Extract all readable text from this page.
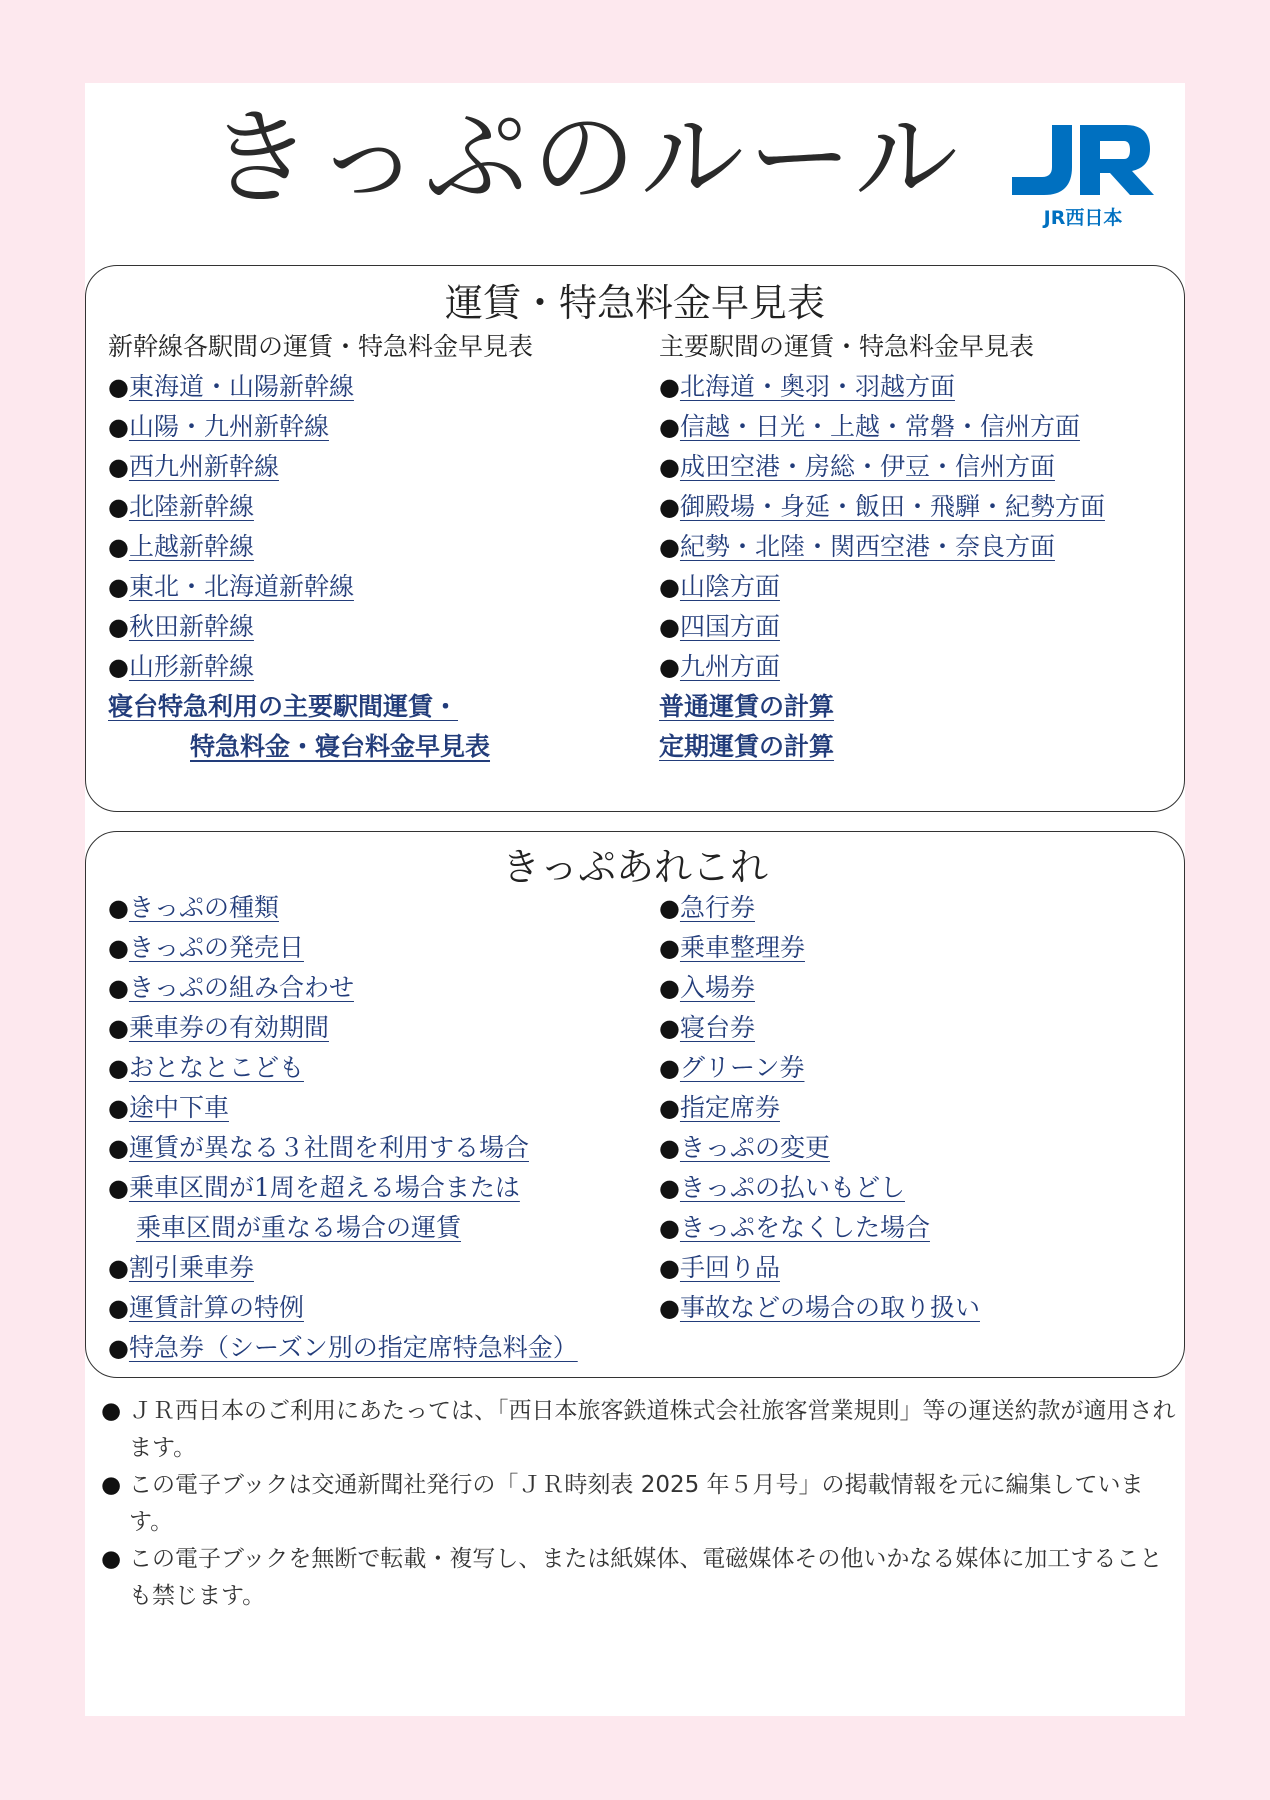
きっぷのルール	JR西日本
運賃・特急料金早見表
新幹線各駅間の運賃・特急料金早見表
●東海道・山陽新幹線
●山陽・九州新幹線
●西九州新幹線
●北陸新幹線
●上越新幹線
●東北・北海道新幹線
●秋田新幹線
●山形新幹線
寝台特急利用の主要駅間運賃・
特急料金・寝台料金早見表
主要駅間の運賃・特急料金早見表
●北海道・奥羽・羽越方面
●信越・日光・上越・常磐・信州方面
●成田空港・房総・伊豆・信州方面
●御殿場・身延・飯田・飛騨・紀勢方面
●紀勢・北陸・関西空港・奈良方面
●山陰方面
●四国方面
●九州方面
普通運賃の計算
定期運賃の計算
きっぷあれこれ
●きっぷの種類
●きっぷの発売日
●きっぷの組み合わせ
●乗車券の有効期間
●おとなとこども
●途中下車
●運賃が異なる３社間を利用する場合
●乗車区間が1周を超える場合または
乗車区間が重なる場合の運賃
●割引乗車券
●運賃計算の特例
●特急券（シーズン別の指定席特急料金）
●急行券
●乗車整理券
●入場券
●寝台券
●グリーン券
●指定席券
●きっぷの変更
●きっぷの払いもどし
●きっぷをなくした場合
●手回り品
●事故などの場合の取り扱い
● ＪＲ西日本のご利用にあたっては、「西日本旅客鉄道株式会社旅客営業規則」等の運送約款が適用されます。
● この電子ブックは交通新聞社発行の「ＪＲ時刻表 2025 年５月号」の掲載情報を元に編集しています。
● この電子ブックを無断で転載・複写し、または紙媒体、電磁媒体その他いかなる媒体に加工することも禁じます。
